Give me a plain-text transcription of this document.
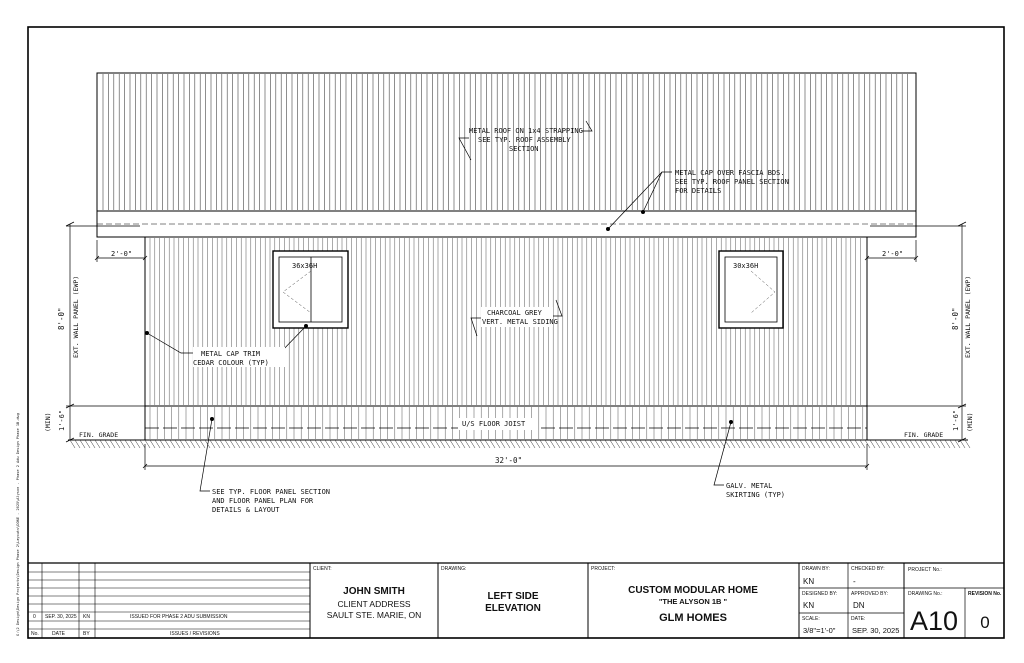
G:\2 Design\Design Projects\Design Phase 2\Layouts\DONE - 2025\Alyson - Phase 2 Adu Design Phase 1B.dwg	U/S FLOOR JOIST
FIN. GRADE	FIN. GRADE
36x36H	30x36H
2'-0"
8'-0" EXT. WALL PANEL (EWP)
1'-6"
(MIN)
2'-0"
8'-0" EXT. WALL PANEL (EWP)
1'-6" (MIN)
32'-0"
METAL ROOF ON 1x4 STRAPPING
SEE TYP. ROOF ASSEMBLY
SECTION
METAL CAP OVER FASCIA BDS.
SEE TYP. ROOF PANEL SECTION
FOR DETAILS
CHARCOAL GREY
VERT. METAL SIDING
METAL CAP TRIM
CEDAR COLOUR (TYP)
SEE TYP. FLOOR PANEL SECTION
AND FLOOR PANEL PLAN FOR
DETAILS & LAYOUT
GALV. METAL
SKIRTING (TYP)
0 SEP. 30, 2025 KN	ISSUED FOR PHASE 2 ADU SUBMISSION
No.	DATE	BY	ISSUES / REVISIONS
CLIENT:
JOHN SMITH
CLIENT ADDRESS
SAULT STE. MARIE, ON
DRAWING:
LEFT SIDE
ELEVATION
PROJECT:
CUSTOM MODULAR HOME
"THE ALYSON 1B "
GLM HOMES
DRAWN BY:
KN
CHECKED BY:
-
DESIGNED BY:
KN
APPROVED BY:
DN
SCALE:
3/8"=1'-0"
DATE:
SEP. 30, 2025
PROJECT No.:
DRAWING No.:
A10
REVISION No.
0
